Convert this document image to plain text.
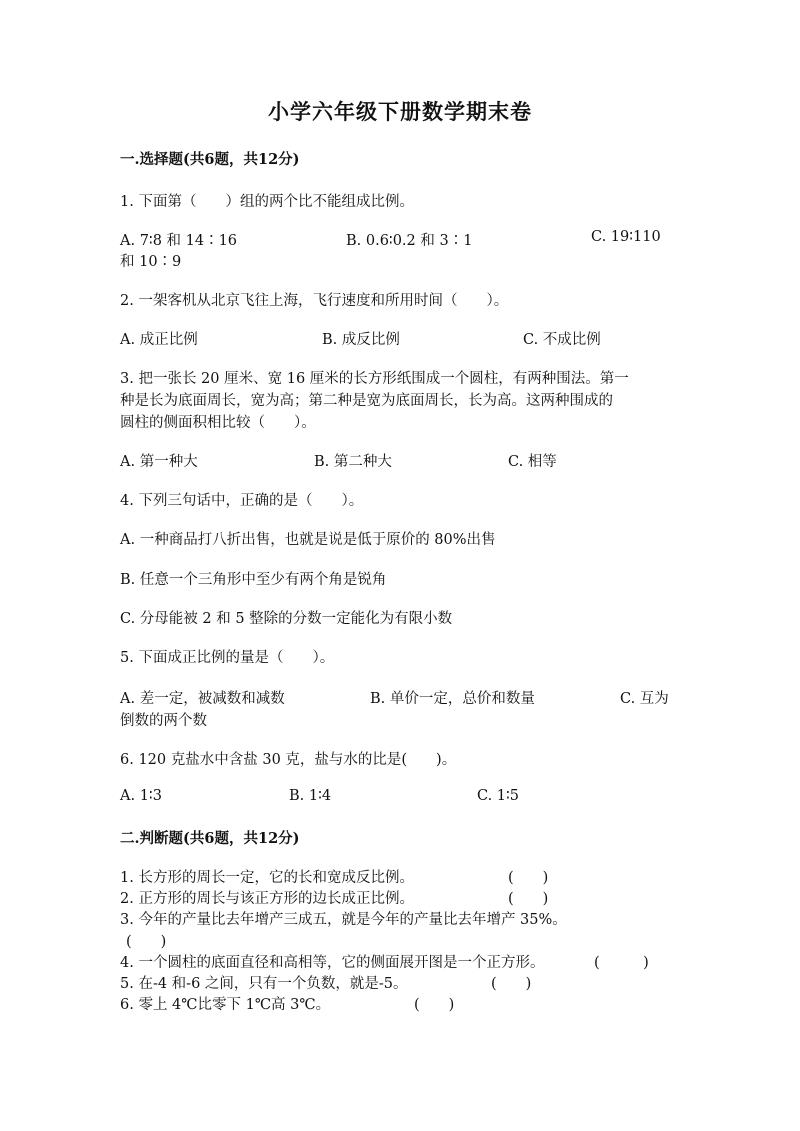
小学六年级下册数学期末卷
一.选择题(共6题，共12分)
1. 下面第（　　）组的两个比不能组成比例。
A. 7∶8 和 14∶16	B. 0.6∶0.2 和 3∶1	C. 19∶110
和 10∶9
2. 一架客机从北京飞往上海，飞行速度和所用时间（　　）。
A. 成正比例	B. 成反比例	C. 不成比例
3. 把一张长 20 厘米、宽 16 厘米的长方形纸围成一个圆柱，有两种围法。第一
种是长为底面周长，宽为高；第二种是宽为底面周长，长为高。这两种围成的
圆柱的侧面积相比较（　　）。
A. 第一种大	B. 第二种大	C. 相等
4. 下列三句话中，正确的是（　　）。
A. 一种商品打八折出售，也就是说是低于原价的 80%出售
B. 任意一个三角形中至少有两个角是锐角
C. 分母能被 2 和 5 整除的分数一定能化为有限小数
5. 下面成正比例的量是（　　）。
A. 差一定，被减数和减数	B. 单价一定，总价和数量	C. 互为
倒数的两个数
6. 120 克盐水中含盐 30 克，盐与水的比是(　　)。
A. 1∶3	B. 1∶4	C. 1∶5
二.判断题(共6题，共12分)
1. 长方形的周长一定，它的长和宽成反比例。	(　　)
2. 正方形的周长与该正方形的边长成正比例。	(　　)
3. 今年的产量比去年增产三成五，就是今年的产量比去年增产 35%。
(　　)
4. 一个圆柱的底面直径和高相等，它的侧面展开图是一个正方形。	(　　　)
5. 在-4 和-6 之间，只有一个负数，就是-5。	(　　)
6. 零上 4℃比零下 1℃高 3℃。	(　　)
